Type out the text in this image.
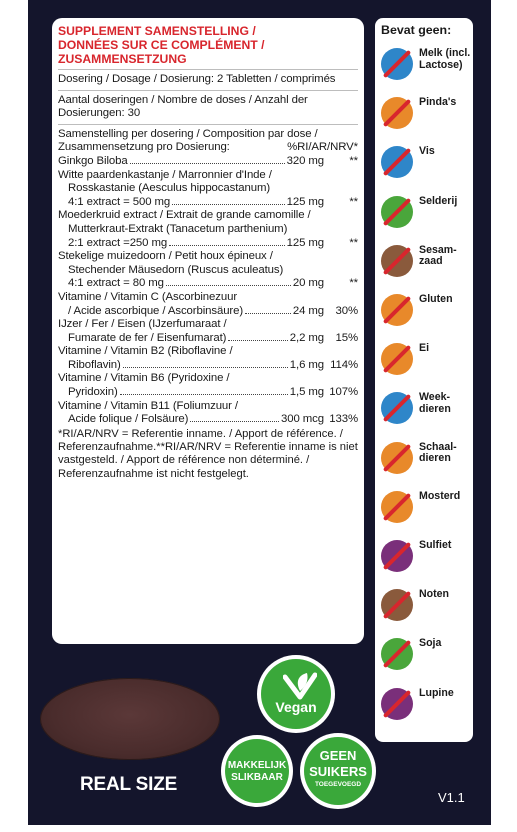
SUPPLEMENT SAMENSTELLING /
DONNÉES SUR CE COMPLÉMENT /
ZUSAMMENSETZUNG
Dosering / Dosage / Dosierung: 2 Tabletten / comprimés
Aantal doseringen / Nombre de doses / Anzahl der
Dosierungen: 30
Samenstelling per dosering / Composition par dose /
Zusammensetzung pro Dosierung:	%RI/AR/NRV*
Ginkgo Biloba	320 mg	**
Witte paardenkastanje / Marronnier d'Inde /
Rosskastanie (Aesculus hippocastanum)
4:1 extract = 500 mg	125 mg	**
Moederkruid extract / Extrait de grande camomille /
Mutterkraut-Extrakt (Tanacetum parthenium)
2:1 extract =250 mg	125 mg	**
Stekelige muizedoorn / Petit houx épineux /
Stechender Mäusedorn (Ruscus aculeatus)
4:1 extract = 80 mg	20 mg	**
Vitamine / Vitamin C (Ascorbinezuur
/ Acide ascorbique / Ascorbinsäure)	24 mg	30%
IJzer / Fer / Eisen (IJzerfumaraat /
Fumarate de fer / Eisenfumarat)	2,2 mg	15%
Vitamine / Vitamin B2 (Riboflavine /
Riboflavin)	1,6 mg 114%
Vitamine / Vitamin B6 (Pyridoxine /
Pyridoxin)	1,5 mg 107%
Vitamine / Vitamin B11 (Foliumzuur /
Acide folique / Folsäure)	300 mcg 133%
*RI/AR/NRV = Referentie inname. / Apport de référence. / Referenzaufnahme.**RI/AR/NRV = Referentie inname is niet vastgesteld. / Apport de référence non déterminé. / Referenzaufnahme ist nicht festgelegt.
Bevat geen:
Melk (incl. Lactose)
Pinda's
Vis
Selderij
Sesam-zaad
Gluten
Ei
Week-dieren
Schaal-dieren
Mosterd
Sulfiet
Noten
Soja
Lupine
REAL SIZE
Vegan
MAKKELIJK
SLIKBAAR
GEEN
SUIKERS
TOEGEVOEGD
V1.1
